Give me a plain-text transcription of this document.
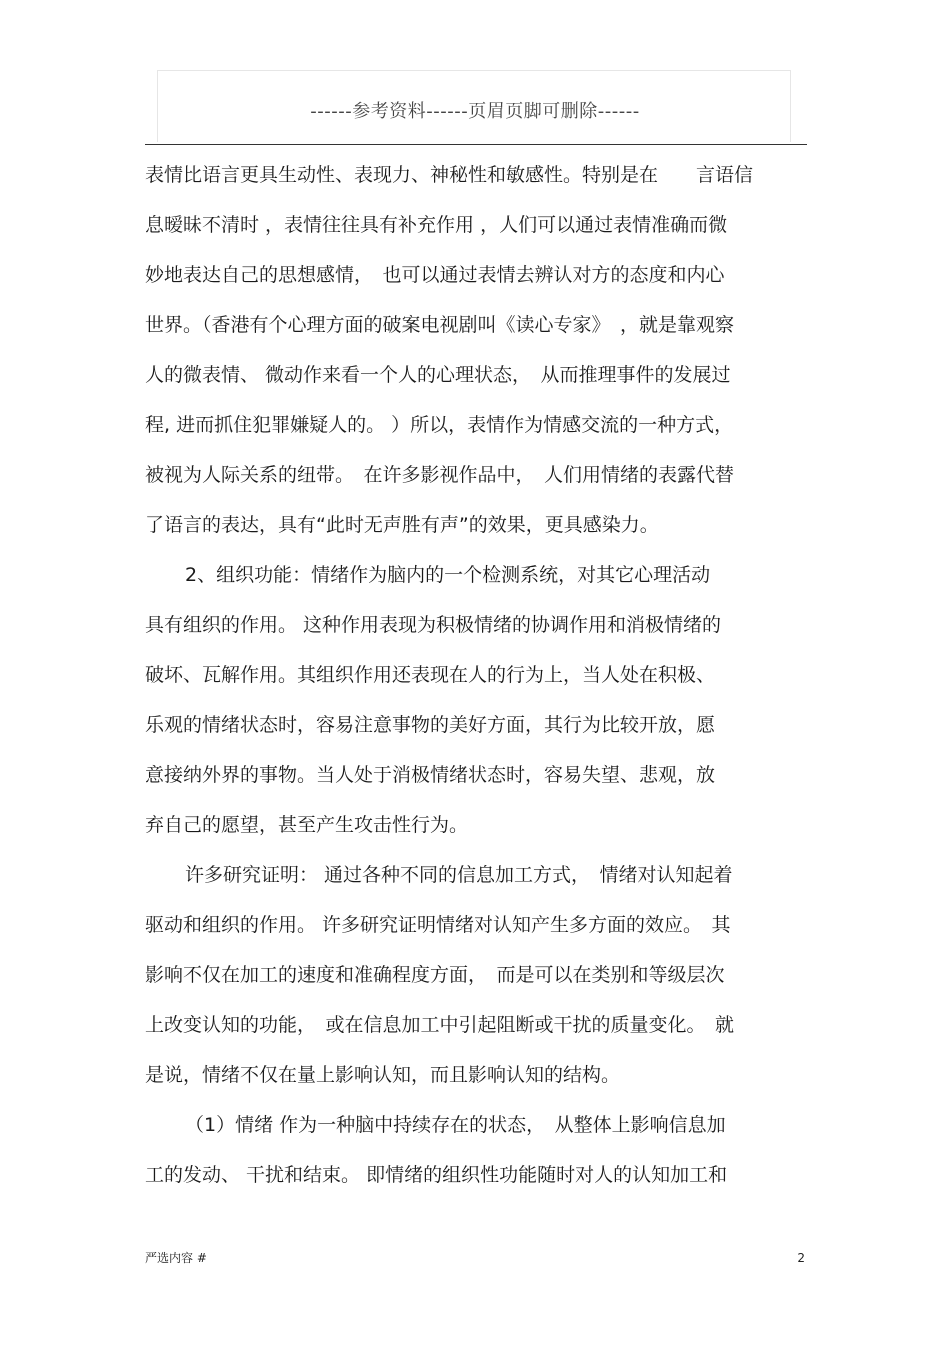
------参考资料------页眉页脚可删除------
表情比语言更具生动性、表现力、神秘性和敏感性。特别是在　　言语信
息暧昧不清时 ，表情往往具有补充作用 ，人们可以通过表情准确而微
妙地表达自己的思想感情，　也可以通过表情去辨认对方的态度和内心
世界。（香港有个心理方面的破案电视剧叫《读心专家》　，就是靠观察
人的微表情、 微动作来看一个人的心理状态，　从而推理事件的发展过
程, 进而抓住犯罪嫌疑人的。 ）所以，表情作为情感交流的一种方式，
被视为人际关系的纽带。　在许多影视作品中，　人们用情绪的表露代替
了语言的表达，具有“此时无声胜有声”的效果，更具感染力。
2、组织功能：情绪作为脑内的一个检测系统，对其它心理活动
具有组织的作用。 这种作用表现为积极情绪的协调作用和消极情绪的
破坏、瓦解作用。其组织作用还表现在人的行为上，当人处在积极、
乐观的情绪状态时，容易注意事物的美好方面，其行为比较开放，愿
意接纳外界的事物。当人处于消极情绪状态时，容易失望、悲观，放
弃自己的愿望，甚至产生攻击性行为。
许多研究证明： 通过各种不同的信息加工方式，　情绪对认知起着
驱动和组织的作用。 许多研究证明情绪对认知产生多方面的效应。　其
影响不仅在加工的速度和准确程度方面，　而是可以在类别和等级层次
上改变认知的功能，　或在信息加工中引起阻断或干扰的质量变化。　就
是说，情绪不仅在量上影响认知，而且影响认知的结构。
（1）情绪 作为一种脑中持续存在的状态，　从整体上影响信息加
工的发动、 干扰和结束。 即情绪的组织性功能随时对人的认知加工和
严选内容 #	2
